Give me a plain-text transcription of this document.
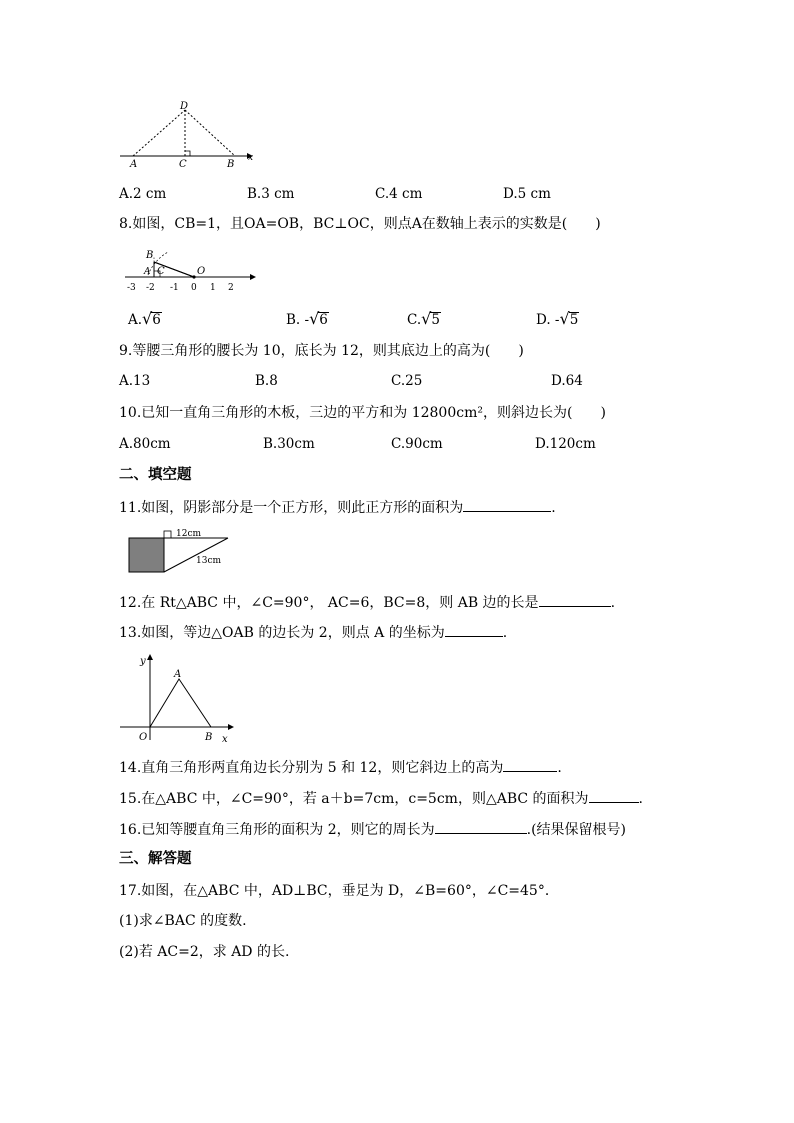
D
A	C	B
x
A.2 cm	B.3 cm	C.4 cm	D.5 cm
8.如图，CB=1，且OA=OB，BC⊥OC，则点A在数轴上表示的实数是(　　)
B
A C	O
-3 -2 -1 0 1 2
A.√6	B. -√6	C.√5	D. -√5
9.等腰三角形的腰长为 10，底长为 12，则其底边上的高为(　　)
A.13	B.8	C.25	D.64
10.已知一直角三角形的木板，三边的平方和为 12800cm²，则斜边长为(　　)
A.80cm	B.30cm	C.90cm	D.120cm
二、填空题
11.如图，阴影部分是一个正方形，则此正方形的面积为	.
12cm
13cm
12.在 Rt△ABC 中，∠C=90°， AC=6，BC=8，则 AB 边的长是	.
13.如图，等边△OAB 的边长为 2，则点 A 的坐标为	.
y
A
O	B x
14.直角三角形两直角边长分别为 5 和 12，则它斜边上的高为	.
15.在△ABC 中，∠C=90°，若 a＋b=7cm，c=5cm，则△ABC 的面积为	.
16.已知等腰直角三角形的面积为 2，则它的周长为	.(结果保留根号)
三、解答题
17.如图，在△ABC 中，AD⊥BC，垂足为 D，∠B=60°，∠C=45°．
(1)求∠BAC 的度数.
(2)若 AC=2，求 AD 的长.
